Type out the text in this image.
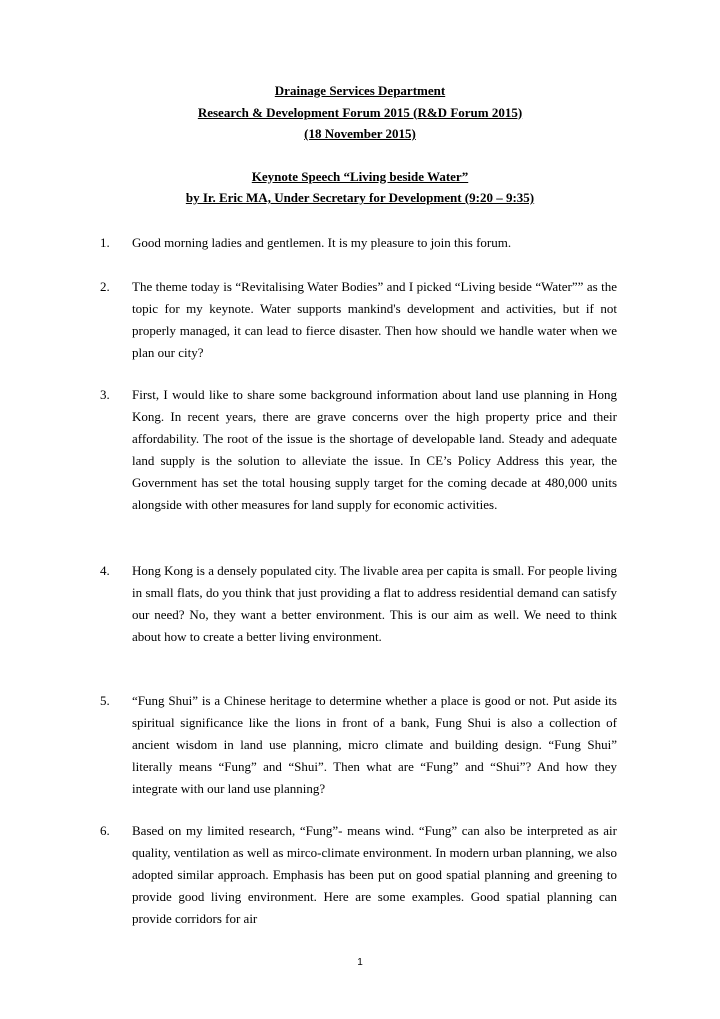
Drainage Services Department
Research & Development Forum 2015 (R&D Forum 2015)
(18 November 2015)
Keynote Speech “Living beside Water”
by Ir. Eric MA, Under Secretary for Development (9:20 – 9:35)
1.	Good morning ladies and gentlemen. It is my pleasure to join this forum.
2.	The theme today is “Revitalising Water Bodies” and I picked “Living beside “Water”” as the topic for my keynote. Water supports mankind's development and activities, but if not properly managed, it can lead to fierce disaster. Then how should we handle water when we plan our city?
3.	First, I would like to share some background information about land use planning in Hong Kong. In recent years, there are grave concerns over the high property price and their affordability. The root of the issue is the shortage of developable land. Steady and adequate land supply is the solution to alleviate the issue. In CE’s Policy Address this year, the Government has set the total housing supply target for the coming decade at 480,000 units alongside with other measures for land supply for economic activities.
4.	Hong Kong is a densely populated city. The livable area per capita is small. For people living in small flats, do you think that just providing a flat to address residential demand can satisfy our need? No, they want a better environment. This is our aim as well. We need to think about how to create a better living environment.
5.	“Fung Shui” is a Chinese heritage to determine whether a place is good or not. Put aside its spiritual significance like the lions in front of a bank, Fung Shui is also a collection of ancient wisdom in land use planning, micro climate and building design. “Fung Shui” literally means “Fung” and “Shui”. Then what are “Fung” and “Shui”? And how they integrate with our land use planning?
6.	Based on my limited research, “Fung”- means wind. “Fung” can also be interpreted as air quality, ventilation as well as mirco-climate environment. In modern urban planning, we also adopted similar approach. Emphasis has been put on good spatial planning and greening to provide good living environment. Here are some examples. Good spatial planning can provide corridors for air
1
